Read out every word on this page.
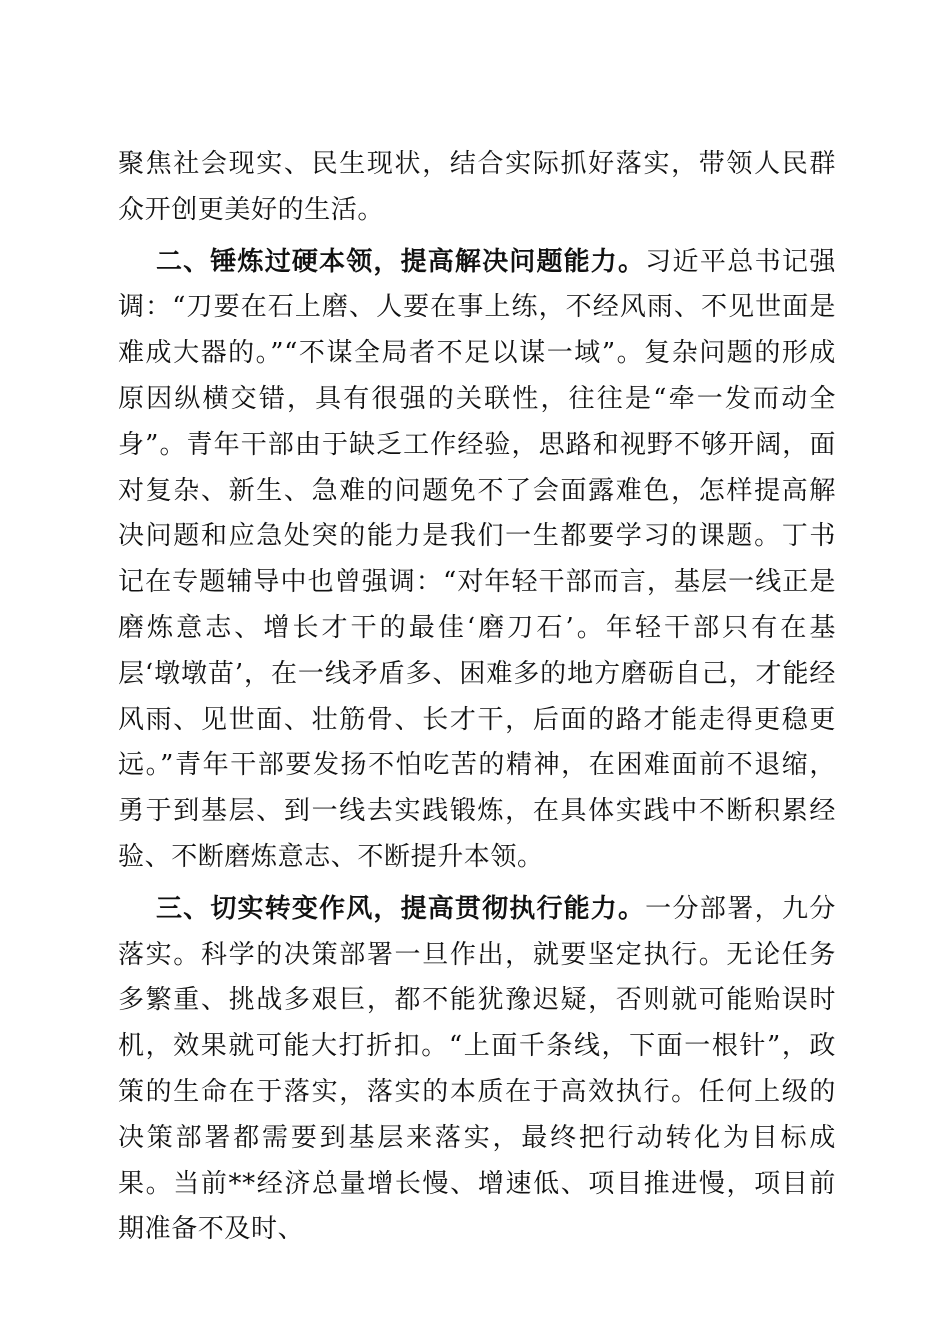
聚焦社会现实、民生现状，结合实际抓好落实，带领人民群众开创更美好的生活。

二、锤炼过硬本领，提高解决问题能力。习近平总书记强调：“刀要在石上磨、人要在事上练，不经风雨、不见世面是难成大器的。”“不谋全局者不足以谋一域”。复杂问题的形成原因纵横交错，具有很强的关联性，往往是“牵一发而动全身”。青年干部由于缺乏工作经验，思路和视野不够开阔，面对复杂、新生、急难的问题免不了会面露难色，怎样提高解决问题和应急处突的能力是我们一生都要学习的课题。丁书记在专题辅导中也曾强调：“对年轻干部而言，基层一线正是磨炼意志、增长才干的最佳‘磨刀石’。年轻干部只有在基层‘墩墩苗’，在一线矛盾多、困难多的地方磨砺自己，才能经风雨、见世面、壮筋骨、长才干，后面的路才能走得更稳更远。”青年干部要发扬不怕吃苦的精神，在困难面前不退缩，勇于到基层、到一线去实践锻炼，在具体实践中不断积累经验、不断磨炼意志、不断提升本领。

三、切实转变作风，提高贯彻执行能力。一分部署，九分落实。科学的决策部署一旦作出，就要坚定执行。无论任务多繁重、挑战多艰巨，都不能犹豫迟疑，否则就可能贻误时机，效果就可能大打折扣。“上面千条线，下面一根针”，政策的生命在于落实，落实的本质在于高效执行。任何上级的决策部署都需要到基层来落实，最终把行动转化为目标成果。当前**经济总量增长慢、增速低、项目推进慢，项目前期准备不及时、
